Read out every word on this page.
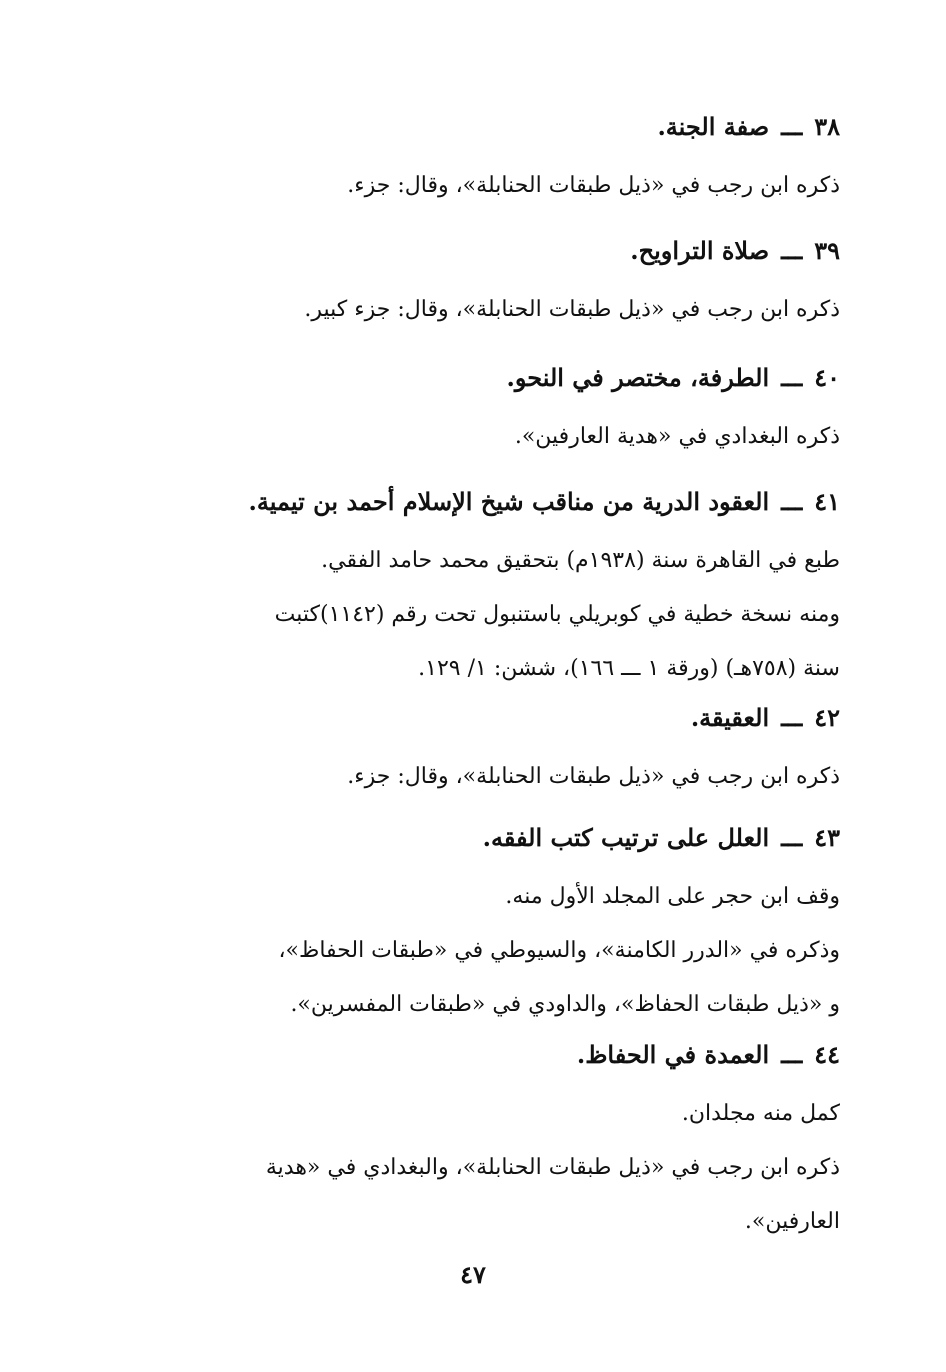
٣٨ـــصفة الجنة.
ذكره ابن رجب في «ذيل طبقات الحنابلة»، وقال: جزء.
٣٩ـــصلاة التراويح.
ذكره ابن رجب في «ذيل طبقات الحنابلة»، وقال: جزء كبير.
٤٠ـــالطرفة، مختصر في النحو.
ذكره البغدادي في «هدية العارفين».
٤١ـــالعقود الدرية من مناقب شيخ الإسلام أحمد بن تيمية.
طبع في القاهرة سنة (١٩٣٨م) بتحقيق محمد حامد الفقي.
ومنه نسخة خطية في كوبريلي باستنبول تحت رقم (١١٤٢)كتبت
سنة (٧٥٨هـ) (ورقة ١ ـــ ١٦٦)، ششن: ١/ ١٢٩.
٤٢ـــالعقيقة.
ذكره ابن رجب في «ذيل طبقات الحنابلة»، وقال: جزء.
٤٣ـــالعلل على ترتيب كتب الفقه.
وقف ابن حجر على المجلد الأول منه.
وذكره في «الدرر الكامنة»، والسيوطي في «طبقات الحفاظ»،
و «ذيل طبقات الحفاظ»، والداودي في «طبقات المفسرين».
٤٤ـــالعمدة في الحفاظ.
كمل منه مجلدان.
ذكره ابن رجب في «ذيل طبقات الحنابلة»، والبغدادي في «هدية
العارفين».
٤٧
